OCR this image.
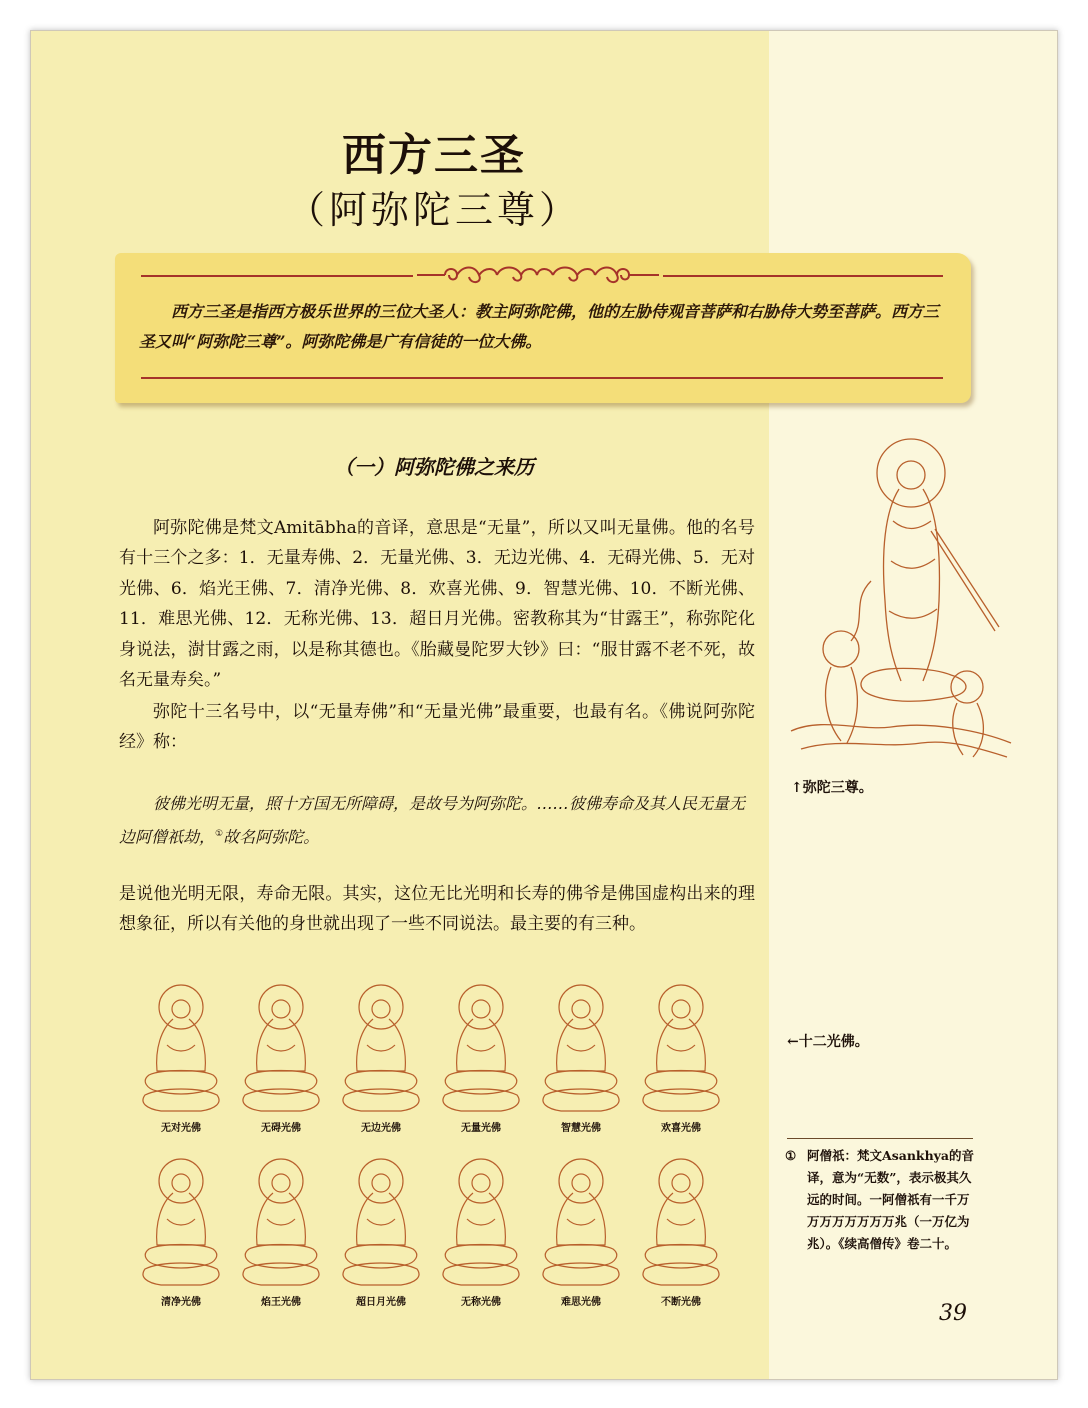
西方三圣
（阿弥陀三尊）
西方三圣是指西方极乐世界的三位大圣人：教主阿弥陀佛，他的左胁侍观音菩萨和右胁侍大势至菩萨。西方三圣又叫“阿弥陀三尊”。阿弥陀佛是广有信徒的一位大佛。
（一）阿弥陀佛之来历
阿弥陀佛是梵文Amitābha的音译，意思是“无量”，所以又叫无量佛。他的名号有十三个之多：1．无量寿佛、2．无量光佛、3．无边光佛、4．无碍光佛、5．无对光佛、6．焰光王佛、7．清净光佛、8．欢喜光佛、9．智慧光佛、10．不断光佛、11．难思光佛、12．无称光佛、13．超日月光佛。密教称其为“甘露王”，称弥陀化身说法，澍甘露之雨，以是称其德也。《胎藏曼陀罗大钞》曰：“服甘露不老不死，故名无量寿矣。”
弥陀十三名号中，以“无量寿佛”和“无量光佛”最重要，也最有名。《佛说阿弥陀经》称：
彼佛光明无量，照十方国无所障碍，是故号为阿弥陀。……彼佛寿命及其人民无量无边阿僧祇劫，①故名阿弥陀。
是说他光明无限，寿命无限。其实，这位无比光明和长寿的佛爷是佛国虚构出来的理想象征，所以有关他的身世就出现了一些不同说法。最主要的有三种。
↑弥陀三尊。
←十二光佛。
① 阿僧祇：梵文Asankhya的音译，意为“无数”，表示极其久远的时间。一阿僧祇有一千万万万万万万万万兆（一万亿为兆）。《续高僧传》卷二十。
39
无对光佛	无碍光佛	无边光佛	无量光佛	智慧光佛	欢喜光佛
清净光佛	焰王光佛	超日月光佛	无称光佛	难思光佛	不断光佛
